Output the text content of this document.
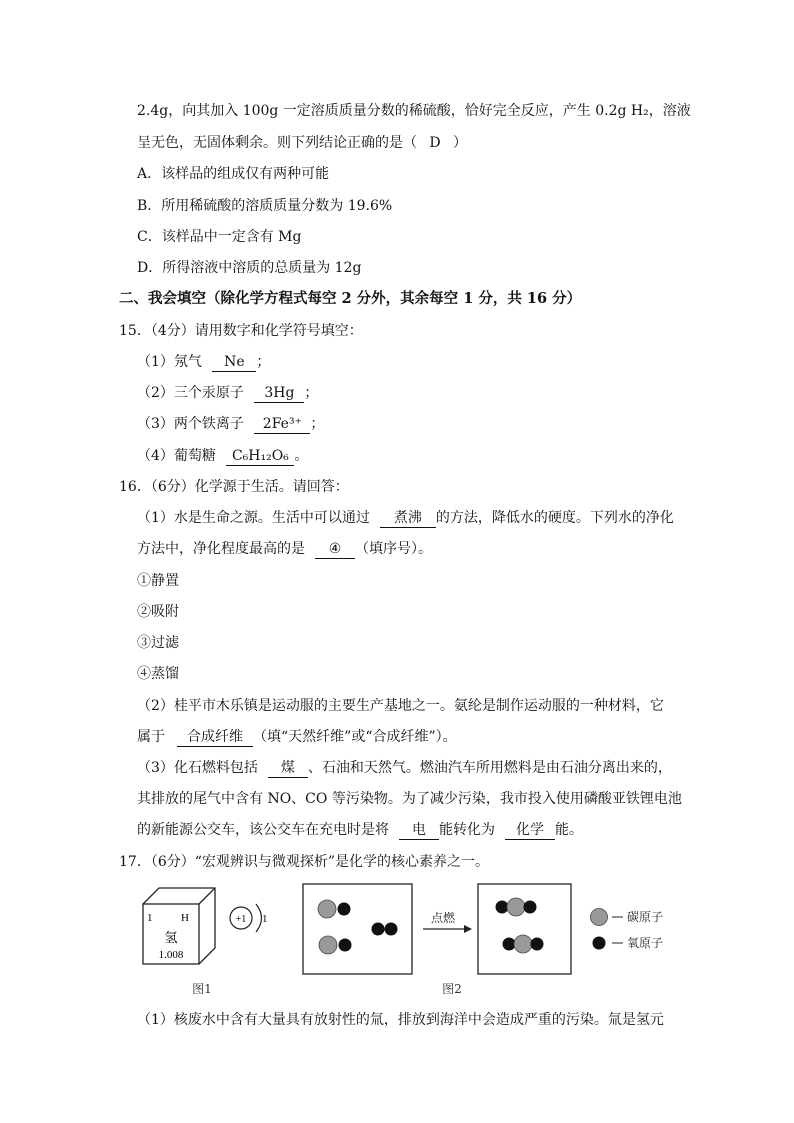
2.4g，向其加入 100g 一定溶质质量分数的稀硫酸，恰好完全反应，产生 0.2g H₂，溶液
呈无色，无固体剩余。则下列结论正确的是（ D ）
A．该样品的组成仅有两种可能
B．所用稀硫酸的溶质质量分数为 19.6%
C．该样品中一定含有 Mg
D．所得溶液中溶质的总质量为 12g
二、我会填空（除化学方程式每空 2 分外，其余每空 1 分，共 16 分）
15．（4分）请用数字和化学符号填空：
（1）氖气 Ne ；
（2）三个汞原子 3Hg ；
（3）两个铁离子 2Fe³⁺ ；
（4）葡萄糖 C₆H₁₂O₆ 。
16．（6分）化学源于生活。请回答：
（1）水是生命之源。生活中可以通过 煮沸 的方法，降低水的硬度。下列水的净化
方法中，净化程度最高的是 ④ （填序号）。
①静置
②吸附
③过滤
④蒸馏
（2）桂平市木乐镇是运动服的主要生产基地之一。氨纶是制作运动服的一种材料，它
属于 合成纤维 （填“天然纤维”或“合成纤维”）。
（3）化石燃料包括 煤 、石油和天然气。燃油汽车所用燃料是由石油分离出来的，
其排放的尾气中含有 NO、CO 等污染物。为了减少污染，我市投入使用磷酸亚铁锂电池
的新能源公交车，该公交车在充电时是将 电 能转化为 化学 能。
17．（6分）“宏观辨识与微观探析”是化学的核心素养之一。
1	H
氢
1.008
+1 1
图1
点燃	碳原子
氧原子
图2
（1）核废水中含有大量具有放射性的氚，排放到海洋中会造成严重的污染。氚是氢元
